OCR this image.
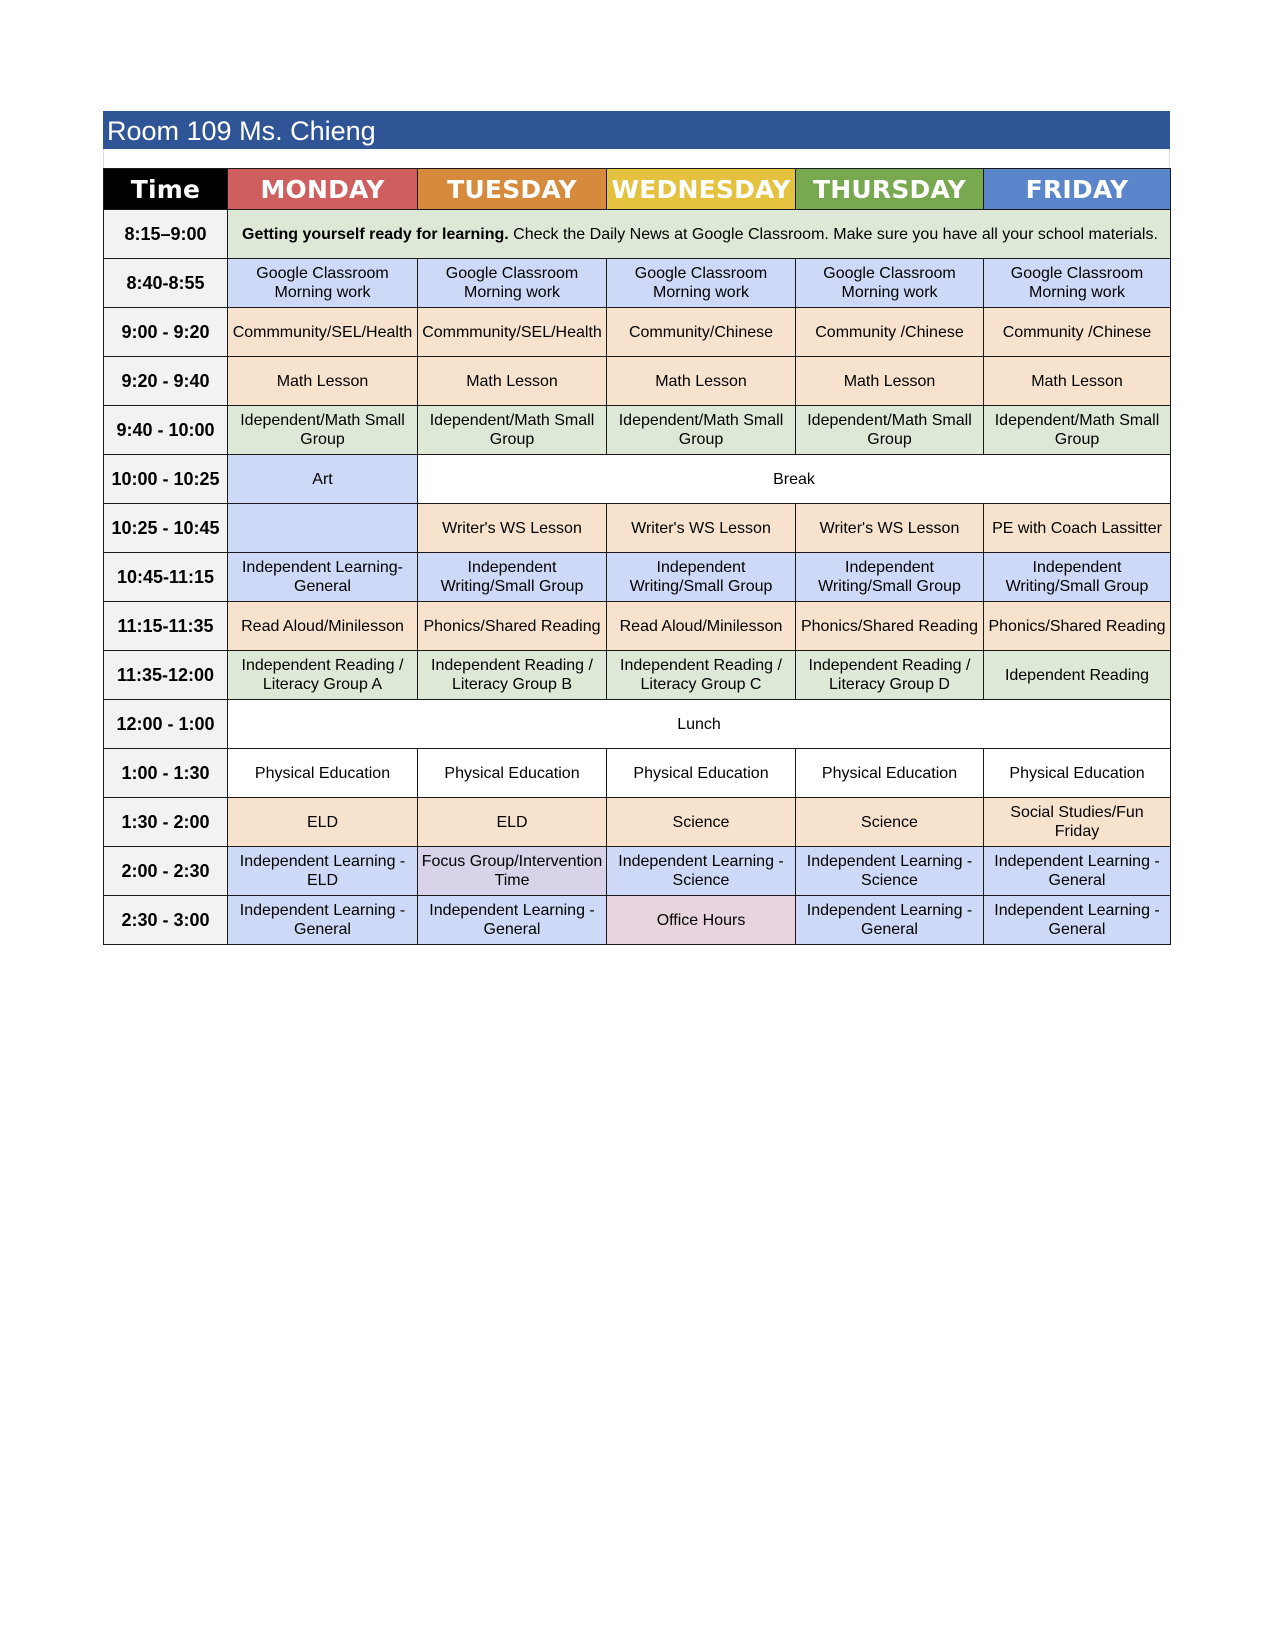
Room 109 Ms. Chieng
Time	MONDAY	TUESDAY	WEDNESDAY	THURSDAY	FRIDAY
8:15–9:00	Getting yourself ready for learning. Check the Daily News at Google Classroom. Make sure you have all your school materials.				
8:40-8:55	Google Classroom Morning work	Google Classroom Morning work	Google Classroom Morning work	Google Classroom Morning work	Google Classroom Morning work
9:00 - 9:20	Commmunity/SEL/Health	Commmunity/SEL/Health	Community/Chinese	Community /Chinese	Community /Chinese
9:20 - 9:40	Math Lesson	Math Lesson	Math Lesson	Math Lesson	Math Lesson
9:40 - 10:00	Idependent/Math Small Group	Idependent/Math Small Group	Idependent/Math Small Group	Idependent/Math Small Group	Idependent/Math Small Group
10:00 - 10:25	Art	Break			
10:25 - 10:45		Writer's WS Lesson	Writer's WS Lesson	Writer's WS Lesson	PE with Coach Lassitter
10:45-11:15	Independent Learning- General	Independent Writing/Small Group	Independent Writing/Small Group	Independent Writing/Small Group	Independent Writing/Small Group
11:15-11:35	Read Aloud/Minilesson	Phonics/Shared Reading	Read Aloud/Minilesson	Phonics/Shared Reading	Phonics/Shared Reading
11:35-12:00	Independent Reading / Literacy Group A	Independent Reading / Literacy Group B	Independent Reading / Literacy Group C	Independent Reading / Literacy Group D	Idependent Reading
12:00 - 1:00	Lunch				
1:00 - 1:30	Physical Education	Physical Education	Physical Education	Physical Education	Physical Education
1:30 - 2:00	ELD	ELD	Science	Science	Social Studies/Fun Friday
2:00 - 2:30	Independent Learning - ELD	Focus Group/Intervention Time	Independent Learning - Science	Independent Learning - Science	Independent Learning - General
2:30 - 3:00	Independent Learning - General	Independent Learning - General	Office Hours	Independent Learning - General	Independent Learning - General
